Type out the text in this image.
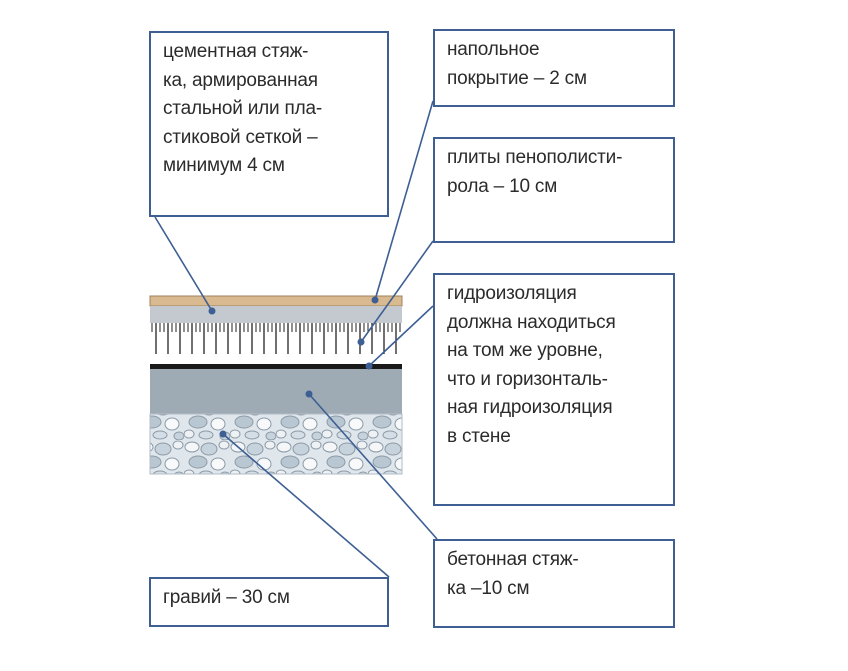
цементная стяж-
ка, армированная
стальной или пла-
стиковой сеткой –
минимум 4 см
напольное
покрытие – 2 см
плиты пенополисти-
рола – 10 см
гидроизоляция
должна находиться
на том же уровне,
что и горизонталь-
ная гидроизоляция
в стене
бетонная стяж-
ка –10 см
гравий – 30 см
